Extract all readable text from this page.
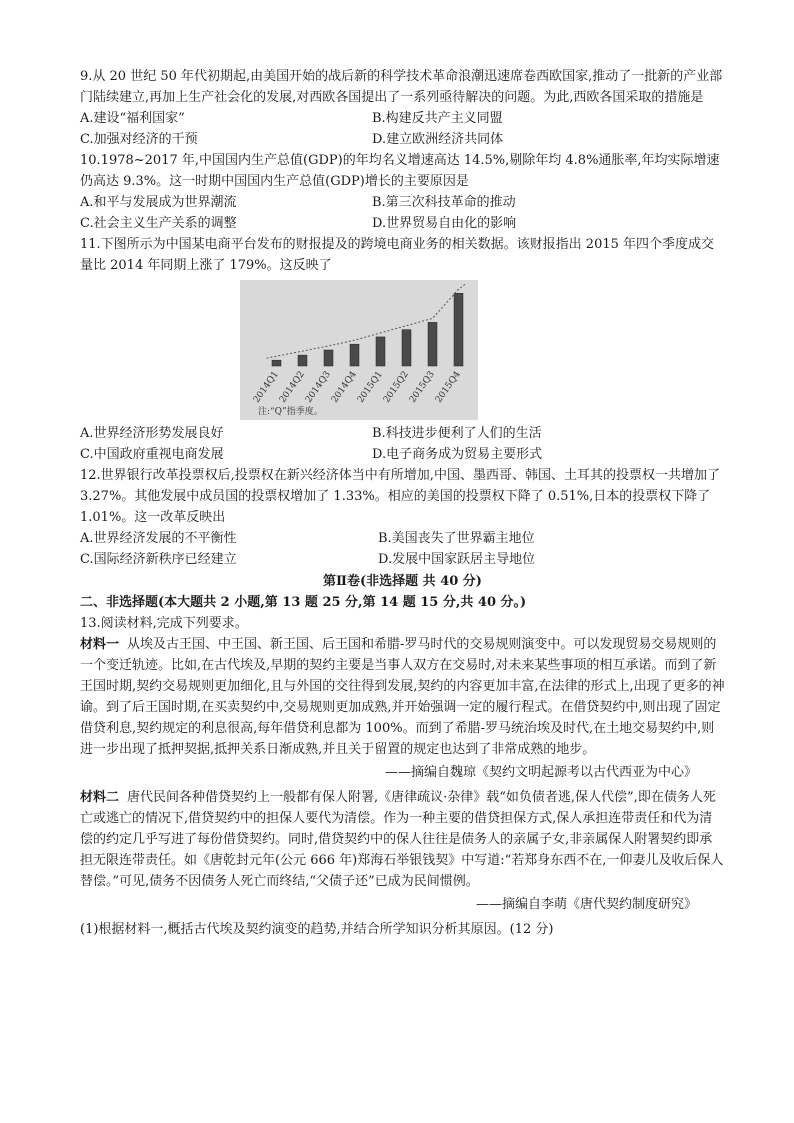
9.从 20 世纪 50 年代初期起,由美国开始的战后新的科学技术革命浪潮迅速席卷西欧国家,推动了一批新的产业部门陆续建立,再加上生产社会化的发展,对西欧各国提出了一系列亟待解决的问题。为此,西欧各国采取的措施是

A.建设“福利国家”	B.构建反共产主义同盟
C.加强对经济的干预	D.建立欧洲经济共同体

10.1978~2017 年,中国国内生产总值(GDP)的年均名义增速高达 14.5%,剔除年均 4.8%通胀率,年均实际增速仍高达 9.3%。这一时期中国国内生产总值(GDP)增长的主要原因是

A.和平与发展成为世界潮流	B.第三次科技革命的推动
C.社会主义生产关系的调整	D.世界贸易自由化的影响

11.下图所示为中国某电商平台发布的财报提及的跨境电商业务的相关数据。该财报指出 2015 年四个季度成交量比 2014 年同期上涨了 179%。这反映了

2014Q1
2014Q2
2014Q3
2014Q4
2015Q1
2015Q2
2015Q3
2015Q4
注:“Q”指季度。
A.世界经济形势发展良好	B.科技进步便利了人们的生活
C.中国政府重视电商发展	D.电子商务成为贸易主要形式

12.世界银行改革投票权后,投票权在新兴经济体当中有所增加,中国、墨西哥、韩国、土耳其的投票权一共增加了 3.27%。其他发展中成员国的投票权增加了 1.33%。相应的美国的投票权下降了 0.51%,日本的投票权下降了 1.01%。这一改革反映出

A.世界经济发展的不平衡性	B.美国丧失了世界霸主地位
C.国际经济新秩序已经建立	D.发展中国家跃居主导地位

第Ⅱ卷(非选择题 共 40 分)

二、非选择题(本大题共 2 小题,第 13 题 25 分,第 14 题 15 分,共 40 分。)

13.阅读材料,完成下列要求。

材料一 从埃及古王国、中王国、新王国、后王国和希腊-罗马时代的交易规则演变中。可以发现贸易交易规则的一个变迁轨迹。比如,在古代埃及,早期的契约主要是当事人双方在交易时,对未来某些事项的相互承诺。而到了新王国时期,契约交易规则更加细化,且与外国的交往得到发展,契约的内容更加丰富,在法律的形式上,出现了更多的神谕。到了后王国时期,在买卖契约中,交易规则更加成熟,并开始强调一定的履行程式。在借贷契约中,则出现了固定借贷利息,契约规定的利息很高,每年借贷利息都为 100%。而到了希腊-罗马统治埃及时代,在土地交易契约中,则进一步出现了抵押契据,抵押关系日渐成熟,并且关于留置的规定也达到了非常成熟的地步。

——摘编自魏琼《契约文明起源考以古代西亚为中心》

材料二 唐代民间各种借贷契约上一般都有保人附署,《唐律疏议·杂律》载“如负债者逃,保人代偿”,即在债务人死亡或逃亡的情况下,借贷契约中的担保人要代为清偿。作为一种主要的借贷担保方式,保人承担连带责任和代为清偿的约定几乎写进了每份借贷契约。同时,借贷契约中的保人往往是债务人的亲属子女,非亲属保人附署契约即承担无限连带责任。如《唐乾封元年(公元 666 年)郑海石举银钱契》中写道:“若郑身东西不在,一仰妻儿及收后保人替偿。”可见,债务不因债务人死亡而终结,“父债子还”已成为民间惯例。

——摘编自李萌《唐代契约制度研究》

(1)根据材料一,概括古代埃及契约演变的趋势,并结合所学知识分析其原因。(12 分)
